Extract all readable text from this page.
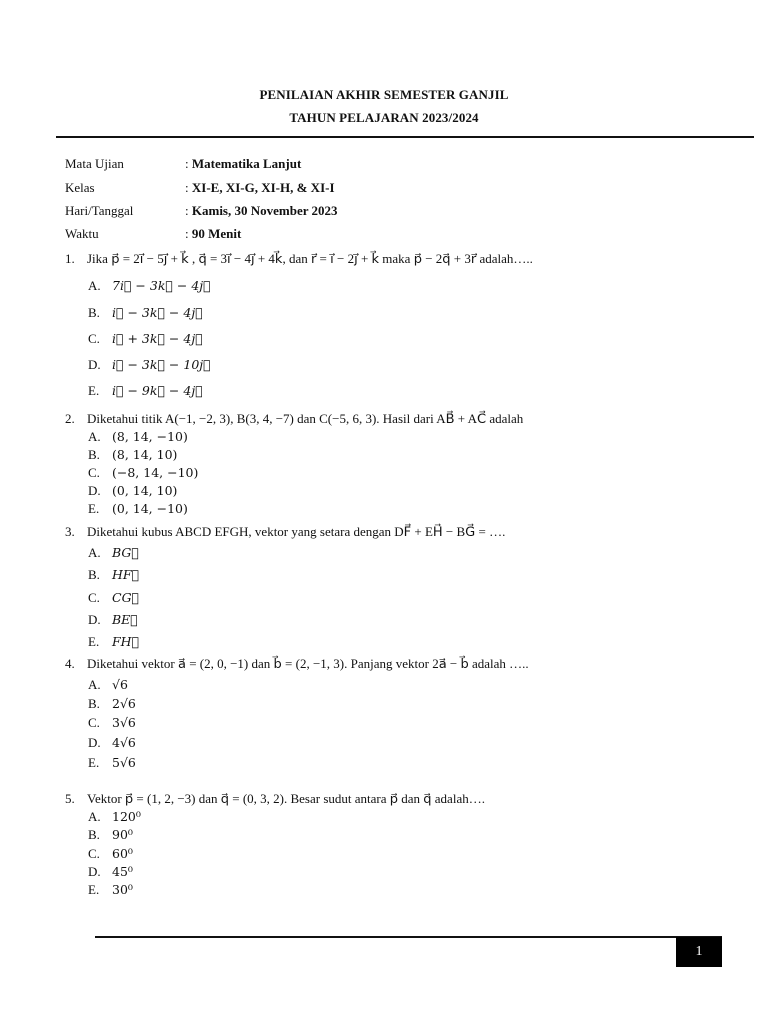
PENILAIAN AKHIR SEMESTER GANJIL
TAHUN PELAJARAN 2023/2024
Mata Ujian	: Matematika Lanjut
Kelas	: XI-E, XI-G, XI-H, & XI-I
Hari/Tanggal	: Kamis, 30 November 2023
Waktu	: 90 Menit
1. Jika p⃗ = 2i⃗ − 5j⃗ + k⃗ , q⃗ = 3i⃗ − 4j⃗ + 4k⃗, dan r⃗ = i⃗ − 2j⃗ + k⃗ maka p⃗ − 2q⃗ + 3r⃗ adalah…..
A. 7i⃗ − 3k⃗ − 4j⃗
B. i⃗ − 3k⃗ − 4j⃗
C. i⃗ + 3k⃗ − 4j⃗
D. i⃗ − 3k⃗ − 10j⃗
E. i⃗ − 9k⃗ − 4j⃗
2. Diketahui titik A(−1, −2, 3), B(3, 4, −7) dan C(−5, 6, 3). Hasil dari AB⃗ + AC⃗ adalah
A. (8, 14, −10)
B. (8, 14, 10)
C. (−8, 14, −10)
D. (0, 14, 10)
E. (0, 14, −10)
3. Diketahui kubus ABCD EFGH, vektor yang setara dengan DF⃗ + EH⃗ − BG⃗ = ….
A. BG⃗
B. HF⃗
C. CG⃗
D. BE⃗
E. FH⃗
4. Diketahui vektor a⃗ = (2, 0, −1) dan b⃗ = (2, −1, 3). Panjang vektor 2a⃗ − b⃗ adalah …..
A. √6
B. 2√6
C. 3√6
D. 4√6
E. 5√6
5. Vektor p⃗ = (1, 2, −3) dan q⃗ = (0, 3, 2). Besar sudut antara p⃗ dan q⃗ adalah….
A. 120⁰
B. 90⁰
C. 60⁰
D. 45⁰
E. 30⁰
1
